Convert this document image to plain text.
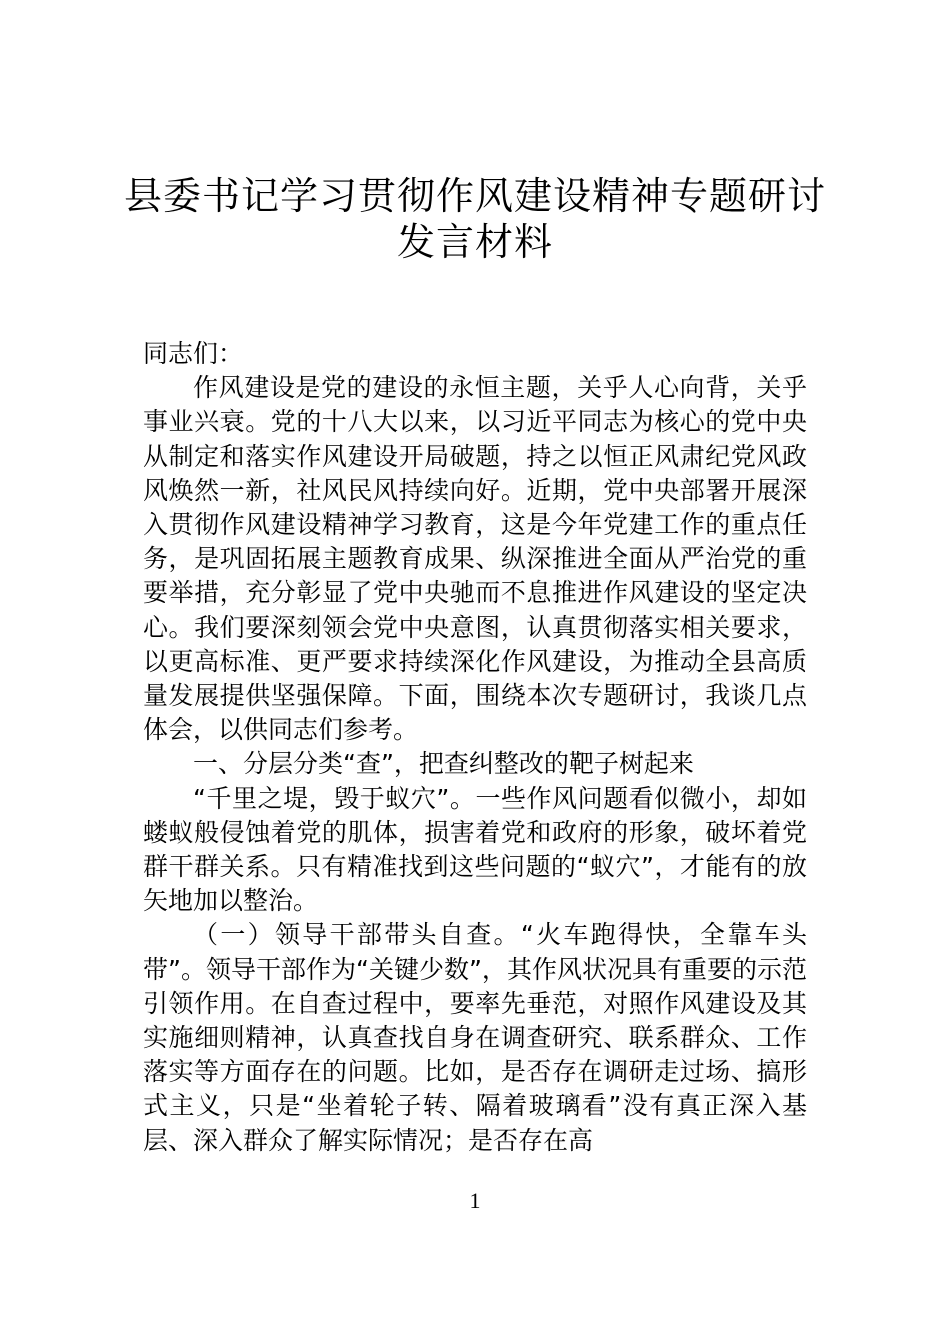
县委书记学习贯彻作风建设精神专题研讨
发言材料

同志们：

作风建设是党的建设的永恒主题，关乎人心向背，关乎事业兴衰。党的十八大以来，以习近平同志为核心的党中央从制定和落实作风建设开局破题，持之以恒正风肃纪党风政风焕然一新，社风民风持续向好。近期，党中央部署开展深入贯彻作风建设精神学习教育，这是今年党建工作的重点任务，是巩固拓展主题教育成果、纵深推进全面从严治党的重要举措，充分彰显了党中央驰而不息推进作风建设的坚定决心。我们要深刻领会党中央意图，认真贯彻落实相关要求，以更高标准、更严要求持续深化作风建设，为推动全县高质量发展提供坚强保障。下面，围绕本次专题研讨，我谈几点体会，以供同志们参考。

一、分层分类“查”，把查纠整改的靶子树起来

“千里之堤，毁于蚁穴”。一些作风问题看似微小，却如蝼蚁般侵蚀着党的肌体，损害着党和政府的形象，破坏着党群干群关系。只有精准找到这些问题的“蚁穴”，才能有的放矢地加以整治。

（一）领导干部带头自查。“火车跑得快，全靠车头带”。领导干部作为“关键少数”，其作风状况具有重要的示范引领作用。在自查过程中，要率先垂范，对照作风建设及其实施细则精神，认真查找自身在调查研究、联系群众、工作落实等方面存在的问题。比如，是否存在调研走过场、搞形式主义，只是“坐着轮子转、隔着玻璃看”没有真正深入基层、深入群众了解实际情况；是否存在高

1
